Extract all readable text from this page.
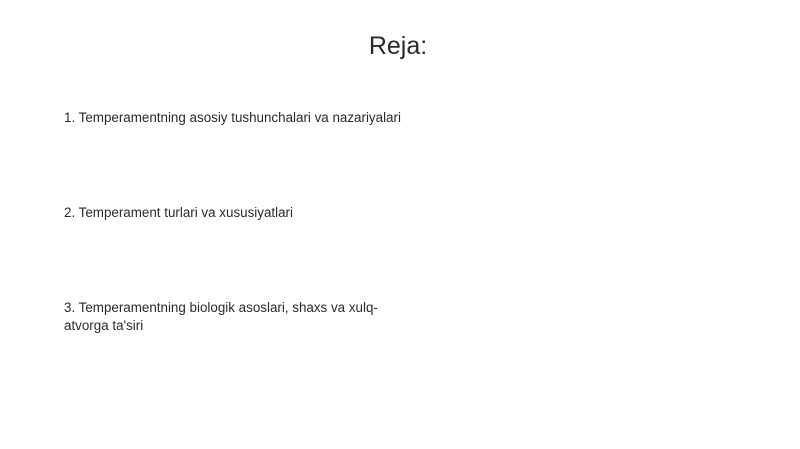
Reja:
1. Temperamentning asosiy tushunchalari va nazariyalari
2. Temperament turlari va xususiyatlari
3. Temperamentning biologik asoslari, shaxs va xulq-atvorga ta'siri
